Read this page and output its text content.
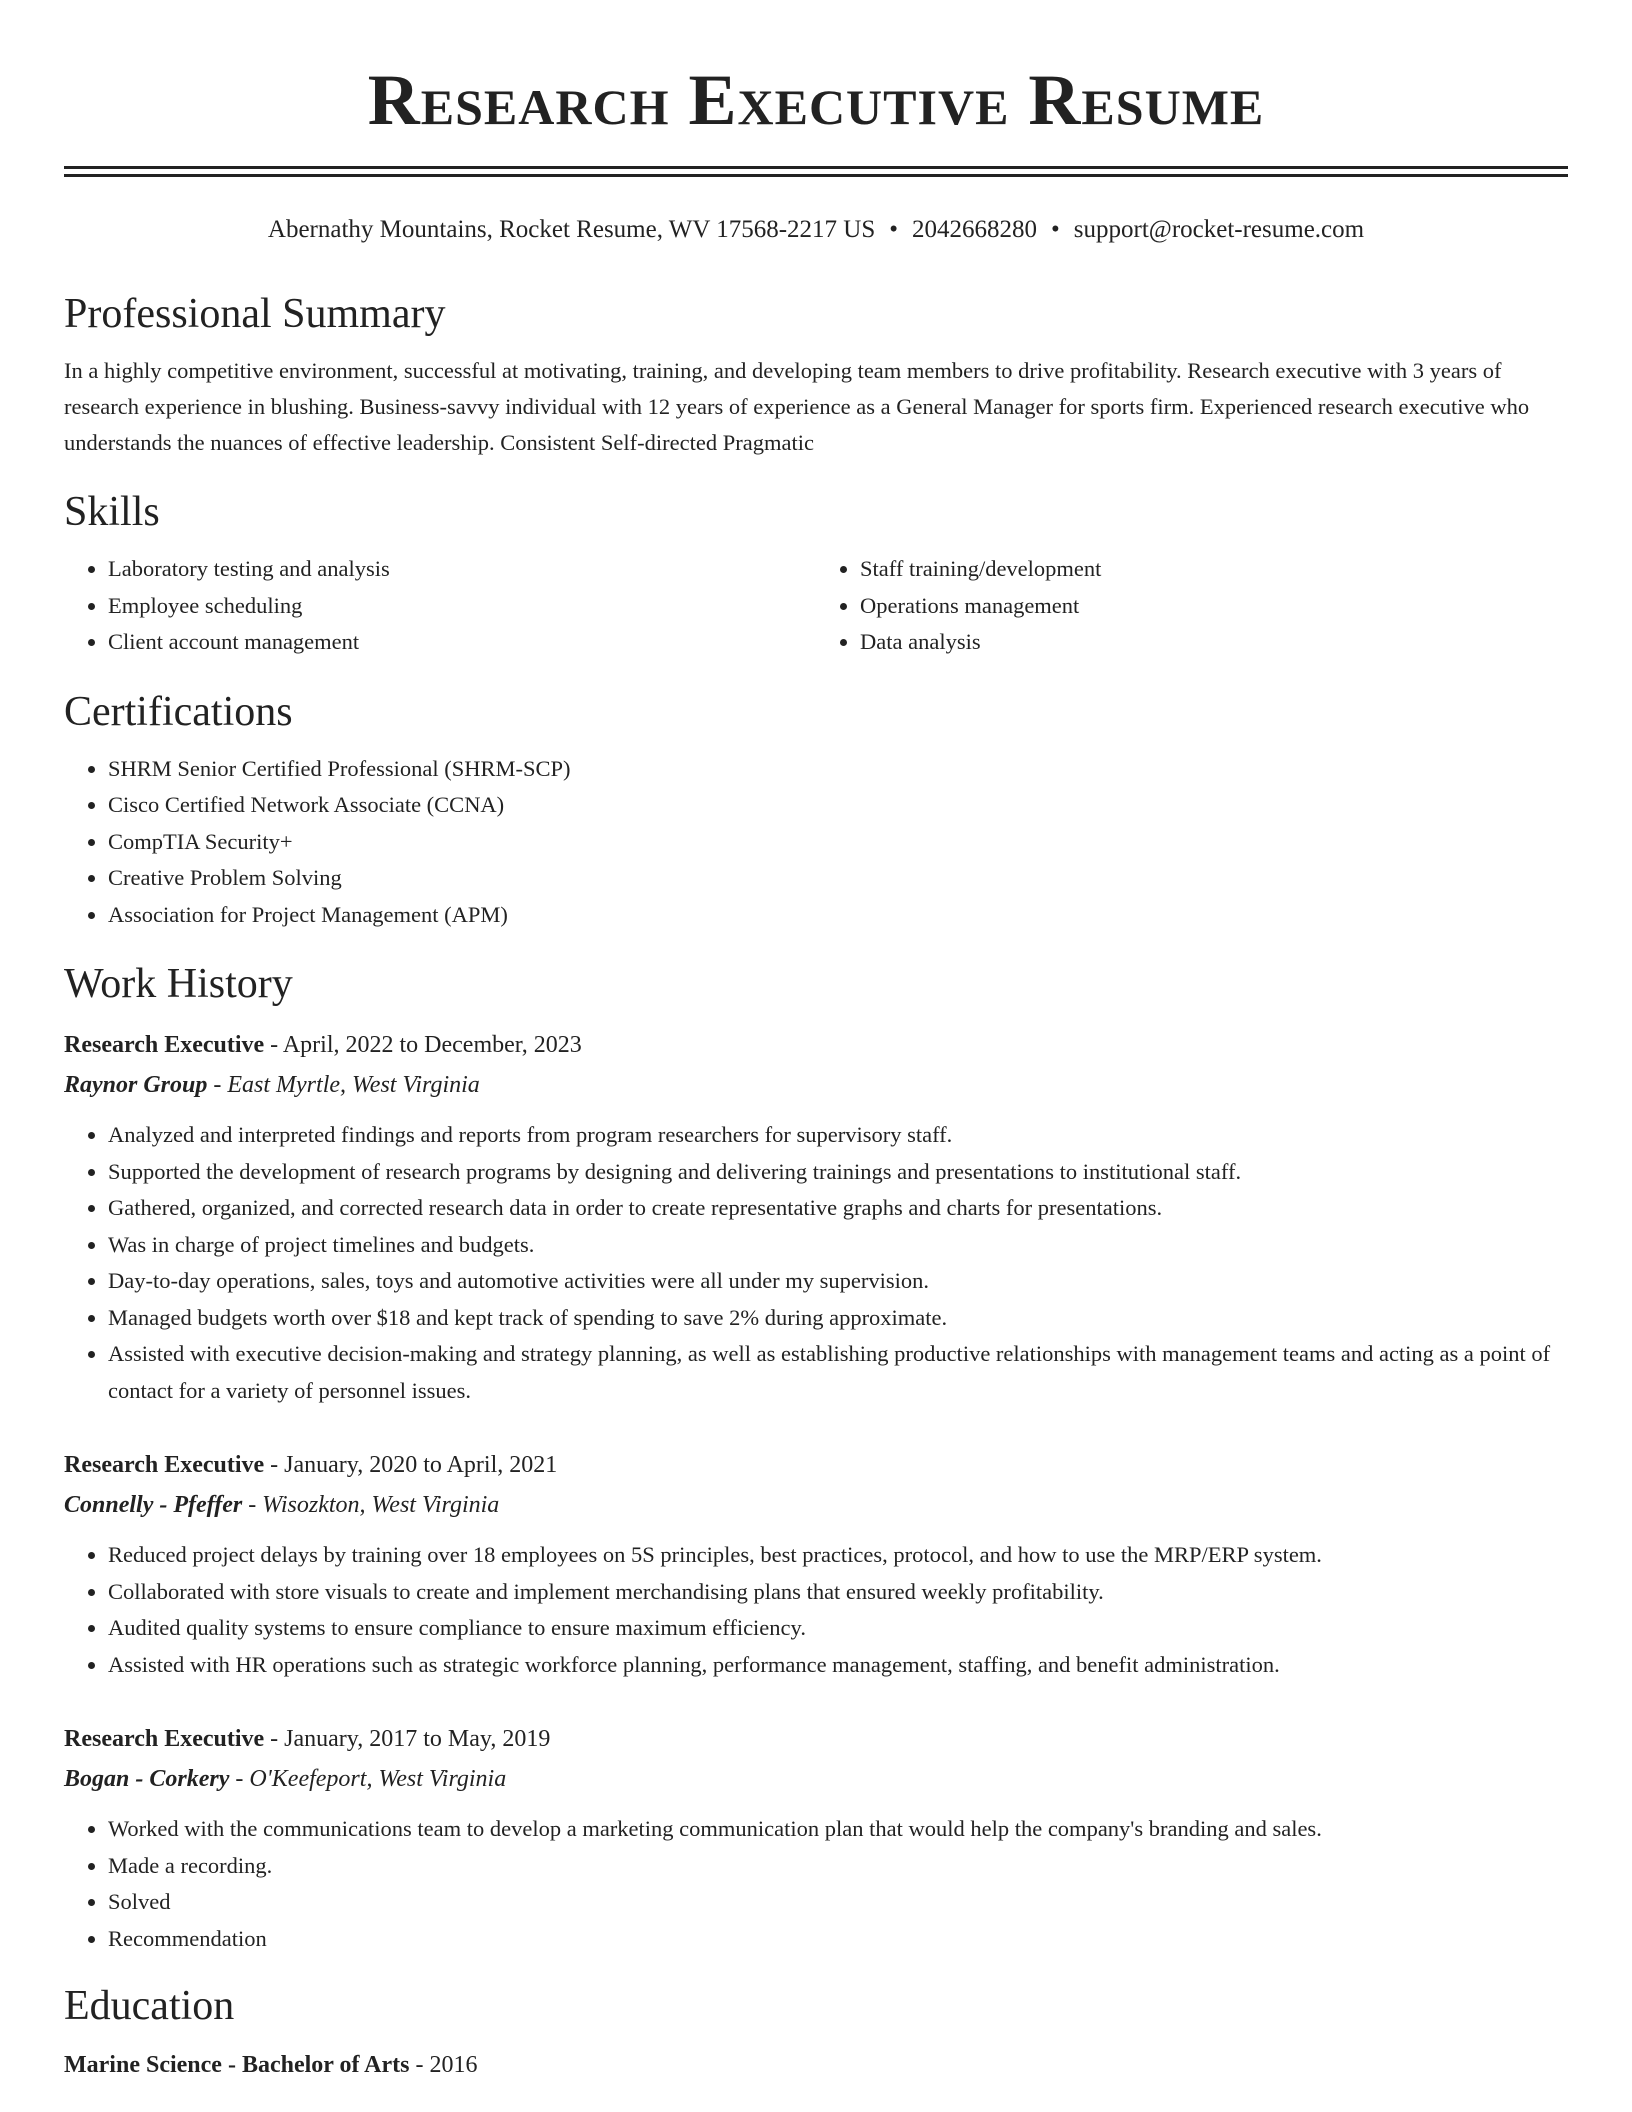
Research Executive Resume
Abernathy Mountains, Rocket Resume, WV 17568-2217 US • 2042668280 • support@rocket-resume.com
Professional Summary
In a highly competitive environment, successful at motivating, training, and developing team members to drive profitability. Research executive with 3 years of research experience in blushing. Business-savvy individual with 12 years of experience as a General Manager for sports firm. Experienced research executive who understands the nuances of effective leadership. Consistent Self-directed Pragmatic
Skills
• Laboratory testing and analysis
• Employee scheduling
• Client account management
• Staff training/development
• Operations management
• Data analysis
Certifications
• SHRM Senior Certified Professional (SHRM-SCP)
• Cisco Certified Network Associate (CCNA)
• CompTIA Security+
• Creative Problem Solving
• Association for Project Management (APM)
Work History
Research Executive - April, 2022 to December, 2023
Raynor Group - East Myrtle, West Virginia
• Analyzed and interpreted findings and reports from program researchers for supervisory staff.
• Supported the development of research programs by designing and delivering trainings and presentations to institutional staff.
• Gathered, organized, and corrected research data in order to create representative graphs and charts for presentations.
• Was in charge of project timelines and budgets.
• Day-to-day operations, sales, toys and automotive activities were all under my supervision.
• Managed budgets worth over $18 and kept track of spending to save 2% during approximate.
• Assisted with executive decision-making and strategy planning, as well as establishing productive relationships with management teams and acting as a point of contact for a variety of personnel issues.
Research Executive - January, 2020 to April, 2021
Connelly - Pfeffer - Wisozkton, West Virginia
• Reduced project delays by training over 18 employees on 5S principles, best practices, protocol, and how to use the MRP/ERP system.
• Collaborated with store visuals to create and implement merchandising plans that ensured weekly profitability.
• Audited quality systems to ensure compliance to ensure maximum efficiency.
• Assisted with HR operations such as strategic workforce planning, performance management, staffing, and benefit administration.
Research Executive - January, 2017 to May, 2019
Bogan - Corkery - O'Keefeport, West Virginia
• Worked with the communications team to develop a marketing communication plan that would help the company's branding and sales.
• Made a recording.
• Solved
• Recommendation
Education
Marine Science - Bachelor of Arts - 2016
